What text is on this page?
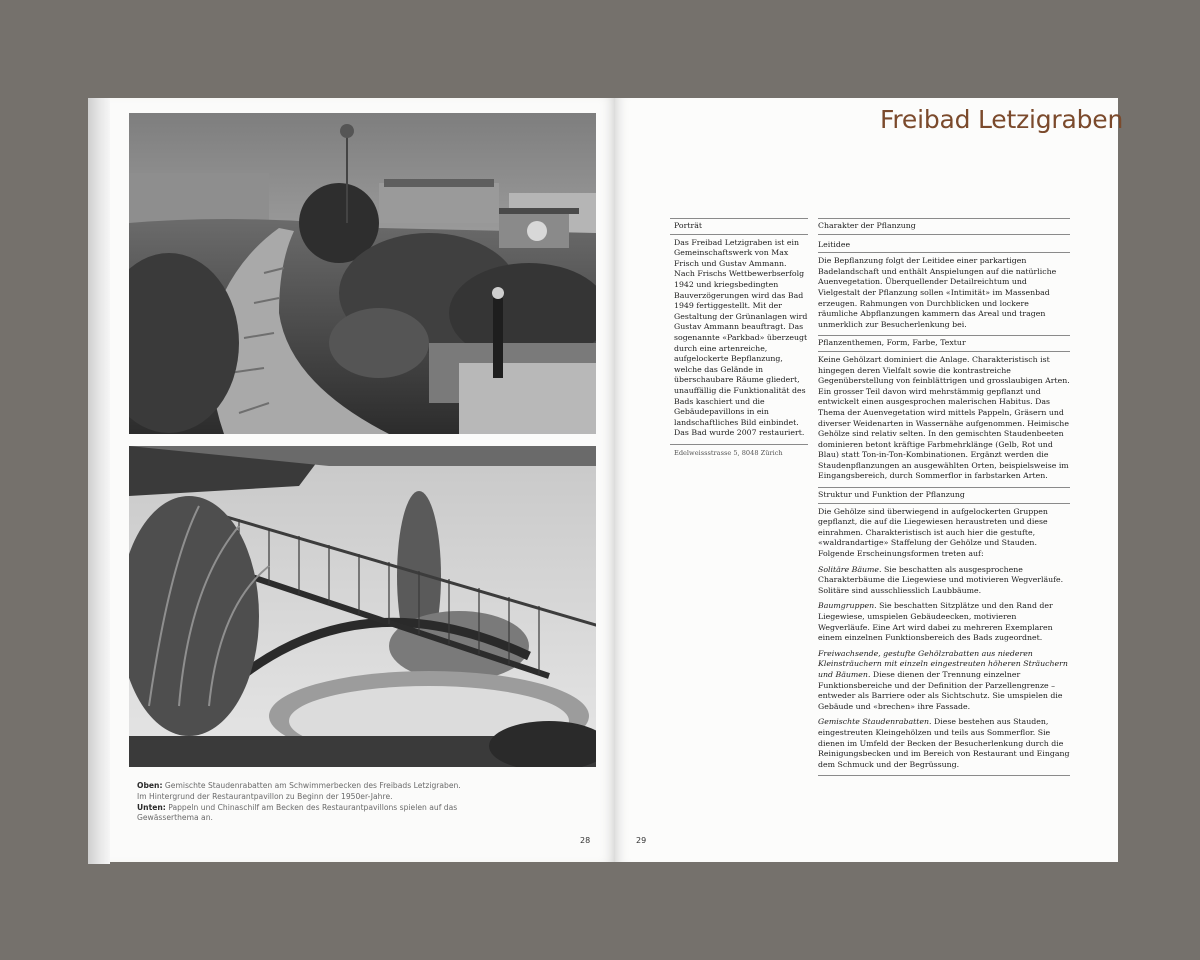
Oben: Gemischte Staudenrabatten am Schwimmerbecken des Freibads Letzigraben. Im Hintergrund der Restaurantpavillon zu Beginn der 1950er-Jahre.
Unten: Pappeln und Chinaschilf am Becken des Restaurantpavillons spielen auf das Gewässerthema an.
28	29
Freibad Letzigraben
Porträt
Das Freibad Letzigraben ist ein Gemeinschaftswerk von Max Frisch und Gustav Ammann. Nach Frischs Wettbewerbserfolg 1942 und kriegsbedingten Bauverzögerungen wird das Bad 1949 fertiggestellt. Mit der Gestaltung der Grünanlagen wird Gustav Ammann beauftragt. Das sogenannte «Parkbad» überzeugt durch eine artenreiche, aufgelockerte Bepflanzung, welche das Gelände in überschaubare Räume gliedert, unauffällig die Funktionalität des Bads kaschiert und die Gebäudepavillons in ein landschaftliches Bild einbindet. Das Bad wurde 2007 restauriert.
Edelweissstrasse 5, 8048 Zürich
Charakter der Pflanzung
Leitidee
Die Bepflanzung folgt der Leitidee einer parkartigen Badelandschaft und enthält Anspielungen auf die natürliche Auenvegetation. Überquellender Detailreichtum und Vielgestalt der Pflanzung sollen «Intimität» im Massenbad erzeugen. Rahmungen von Durchblicken und lockere räumliche Abpflanzungen kammern das Areal und tragen unmerklich zur Besucherlenkung bei.
Pflanzenthemen, Form, Farbe, Textur
Keine Gehölzart dominiert die Anlage. Charakteristisch ist hingegen deren Vielfalt sowie die kontrastreiche Gegenüberstellung von feinblättrigen und grosslaubigen Arten. Ein grosser Teil davon wird mehrstämmig gepflanzt und entwickelt einen ausgesprochen malerischen Habitus. Das Thema der Auenvegetation wird mittels Pappeln, Gräsern und diverser Weidenarten in Wassernähe aufgenommen. Heimische Gehölze sind relativ selten. In den gemischten Staudenbeeten dominieren betont kräftige Farbmehrklänge (Gelb, Rot und Blau) statt Ton-in-Ton-Kombinationen. Ergänzt werden die Staudenpflanzungen an ausgewählten Orten, beispielsweise im Eingangsbereich, durch Sommerflor in farbstarken Arten.
Struktur und Funktion der Pflanzung
Die Gehölze sind überwiegend in aufgelockerten Gruppen gepflanzt, die auf die Liegewiesen heraustreten und diese einrahmen. Charakteristisch ist auch hier die gestufte, «waldrandartige» Staffelung der Gehölze und Stauden. Folgende Erscheinungsformen treten auf:
Solitäre Bäume. Sie beschatten als ausgesprochene Charakterbäume die Liegewiese und motivieren Wegverläufe. Solitäre sind ausschliesslich Laubbäume.
Baumgruppen. Sie beschatten Sitzplätze und den Rand der Liegewiese, umspielen Gebäudeecken, motivieren Wegverläufe. Eine Art wird dabei zu mehreren Exemplaren einem einzelnen Funktionsbereich des Bads zugeordnet.
Freiwachsende, gestufte Gehölzrabatten aus niederen Kleinsträuchern mit einzeln eingestreuten höheren Sträuchern und Bäumen. Diese dienen der Trennung einzelner Funktionsbereiche und der Definition der Parzellengrenze – entweder als Barriere oder als Sichtschutz. Sie umspielen die Gebäude und «brechen» ihre Fassade.
Gemischte Staudenrabatten. Diese bestehen aus Stauden, eingestreuten Kleingehölzen und teils aus Sommerflor. Sie dienen im Umfeld der Becken der Besucherlenkung durch die Reinigungsbecken und im Bereich von Restaurant und Eingang dem Schmuck und der Begrüssung.
